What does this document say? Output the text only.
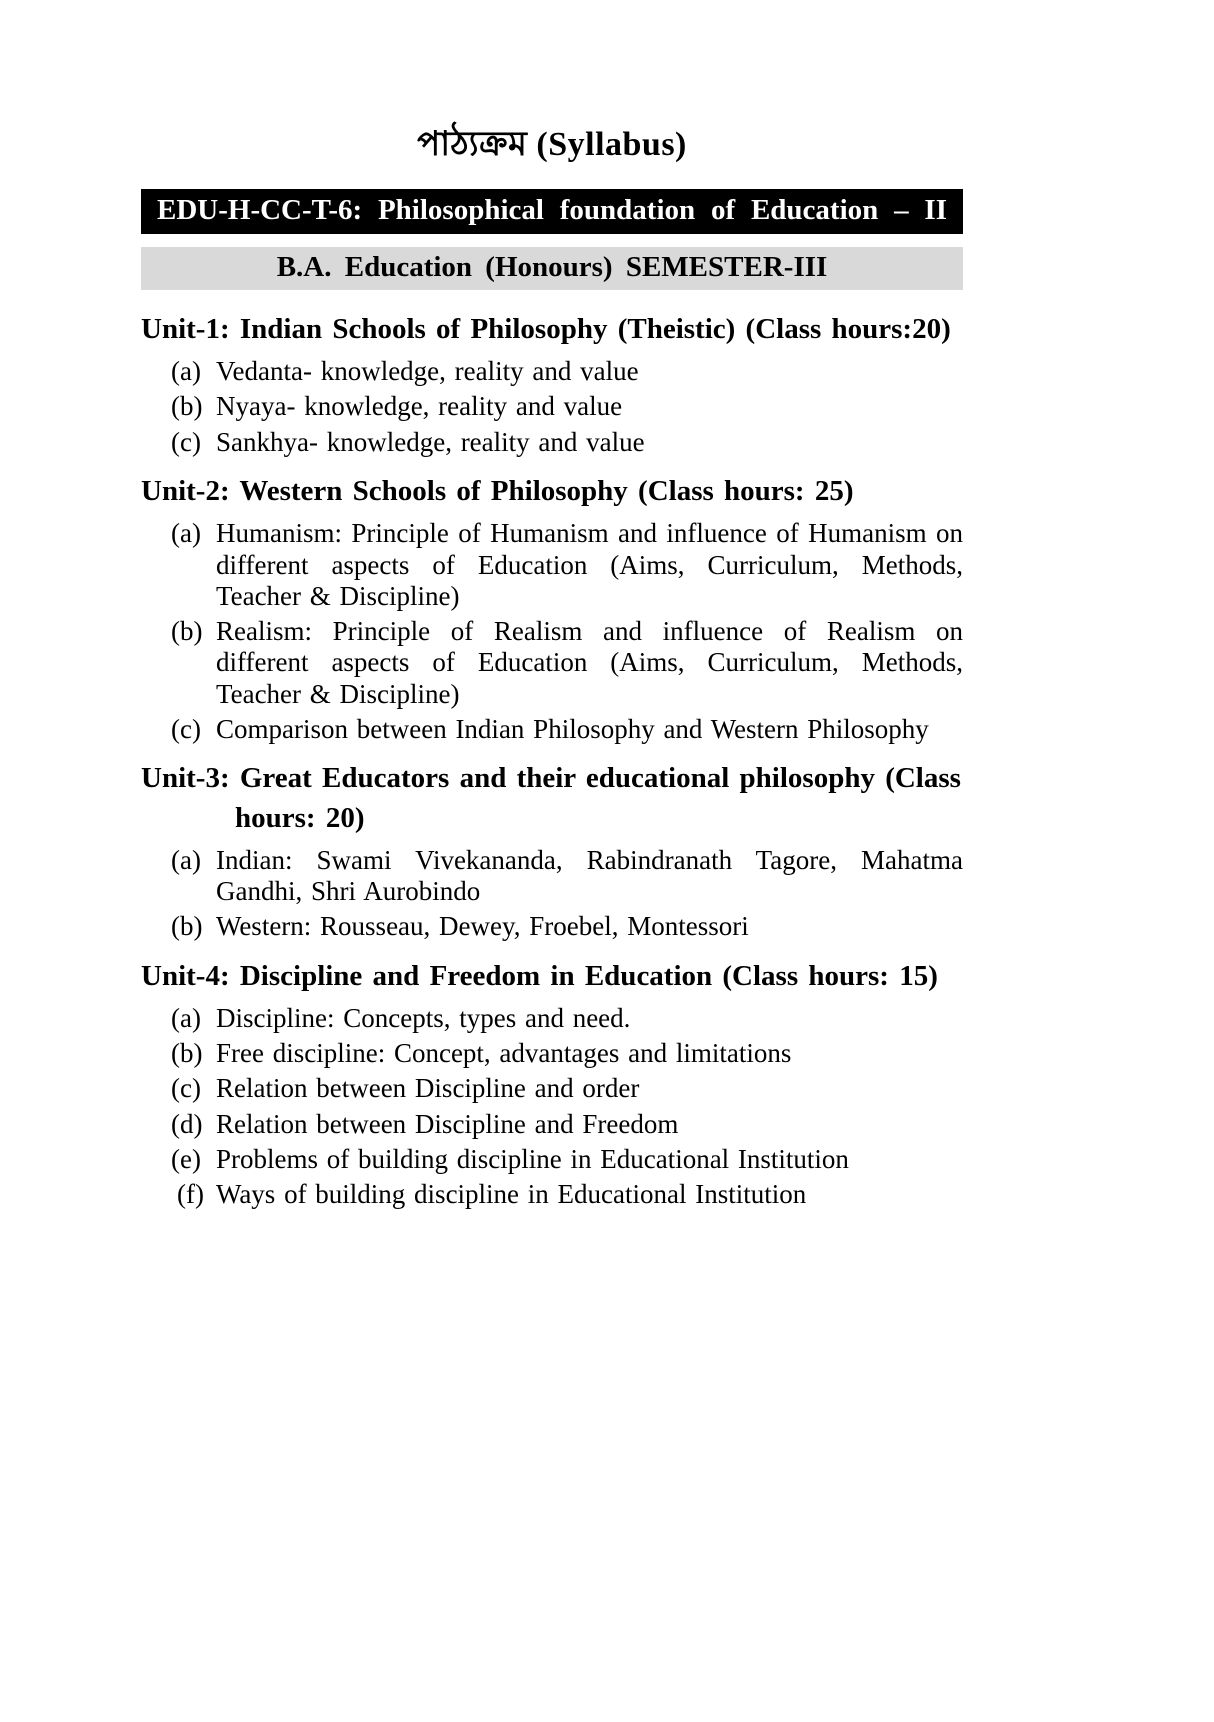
পাঠ্যক্রম (Syllabus)
EDU-H-CC-T-6: Philosophical foundation of Education – II
B.A. Education (Honours) SEMESTER-III
Unit-1: Indian Schools of Philosophy (Theistic) (Class hours:20)
(a) Vedanta- knowledge, reality and value
(b) Nyaya- knowledge, reality and value
(c) Sankhya- knowledge, reality and value
Unit-2: Western Schools of Philosophy (Class hours: 25)
(a) Humanism: Principle of Humanism and influence of Humanism on different aspects of Education (Aims, Curriculum, Methods, Teacher & Discipline)
(b) Realism: Principle of Realism and influence of Realism on different aspects of Education (Aims, Curriculum, Methods, Teacher & Discipline)
(c) Comparison between Indian Philosophy and Western Philosophy
Unit-3: Great Educators and their educational philosophy (Class hours: 20)
(a) Indian: Swami Vivekananda, Rabindranath Tagore, Mahatma Gandhi, Shri Aurobindo
(b) Western: Rousseau, Dewey, Froebel, Montessori
Unit-4: Discipline and Freedom in Education (Class hours: 15)
(a) Discipline: Concepts, types and need.
(b) Free discipline: Concept, advantages and limitations
(c) Relation between Discipline and order
(d) Relation between Discipline and Freedom
(e) Problems of building discipline in Educational Institution
(f) Ways of building discipline in Educational Institution
